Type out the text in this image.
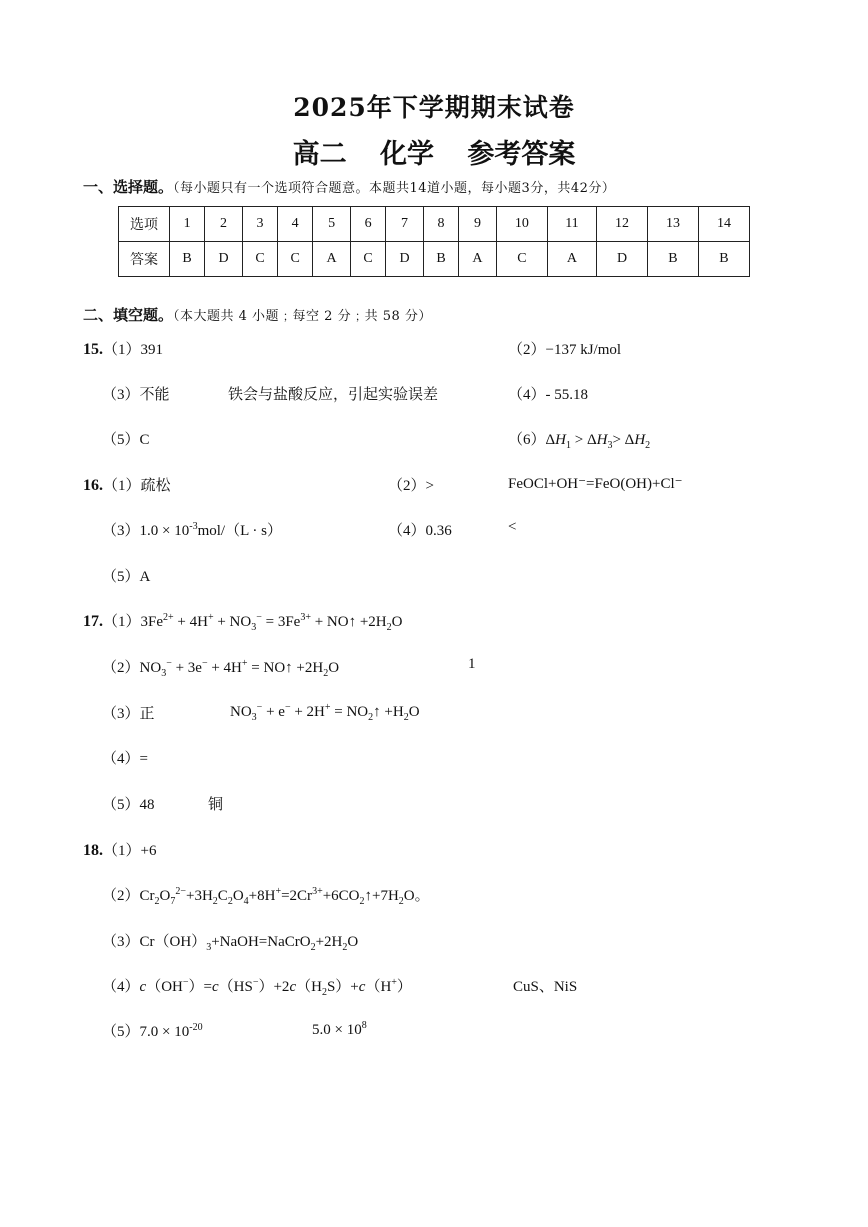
2025年下学期期末试卷
高二 化学 参考答案
一、选择题。（每小题只有一个选项符合题意。本题共14道小题，每小题3分，共42分）
选项	1	2	3	4	5	6	7	8	9	10	11	12	13	14
答案	B	D	C	C	A	C	D	B	A	C	A	D	B	B
二、填空题。（本大题共 4 小题﹔每空 2 分﹔共 58 分）
15.（1）391	（2）−137 kJ/mol
（3）不能	铁会与盐酸反应，引起实验误差	（4）- 55.18
（5）C	$(6)\Delta H_1 > \Delta H_3> \Delta H_2$
16.（1）疏松	（2）>	FeOCl+OH⁻=FeO(OH)+Cl⁻
$(3)1.0 \times 10^{-3}mol/(L \cdot s)$	（4）0.36	<
（5）A
$17.(1)3Fe^{2+} + 4H^+ + NO_3^- = 3Fe^{3+}$ + NO↑ $+2H_2O$
$(2)NO_3^- + 3e^- + 4H^+$ = NO↑ $+2H_2O$	1
（3）正	$NO_3^- + e^- + 2H^+$ = $NO_2↑ +H_2O$
（4）=
（5）48	铜
18.（1）+6
$(2)Cr_2O_7^{2-}+3H_2C_2O_4+8H^+=2Cr^{3+}+6CO_2↑+7H_2O$。
$(3)Cr(OH)_3+NaOH=NaCrO_2+2H_2O$
$(4)c(OH^-)=c(HS^-)+2c(H_2S)+c(H^+)$	CuS、NiS
$(5)7.0 \times 10^{-20}$	$5.0 \times 10^8$
